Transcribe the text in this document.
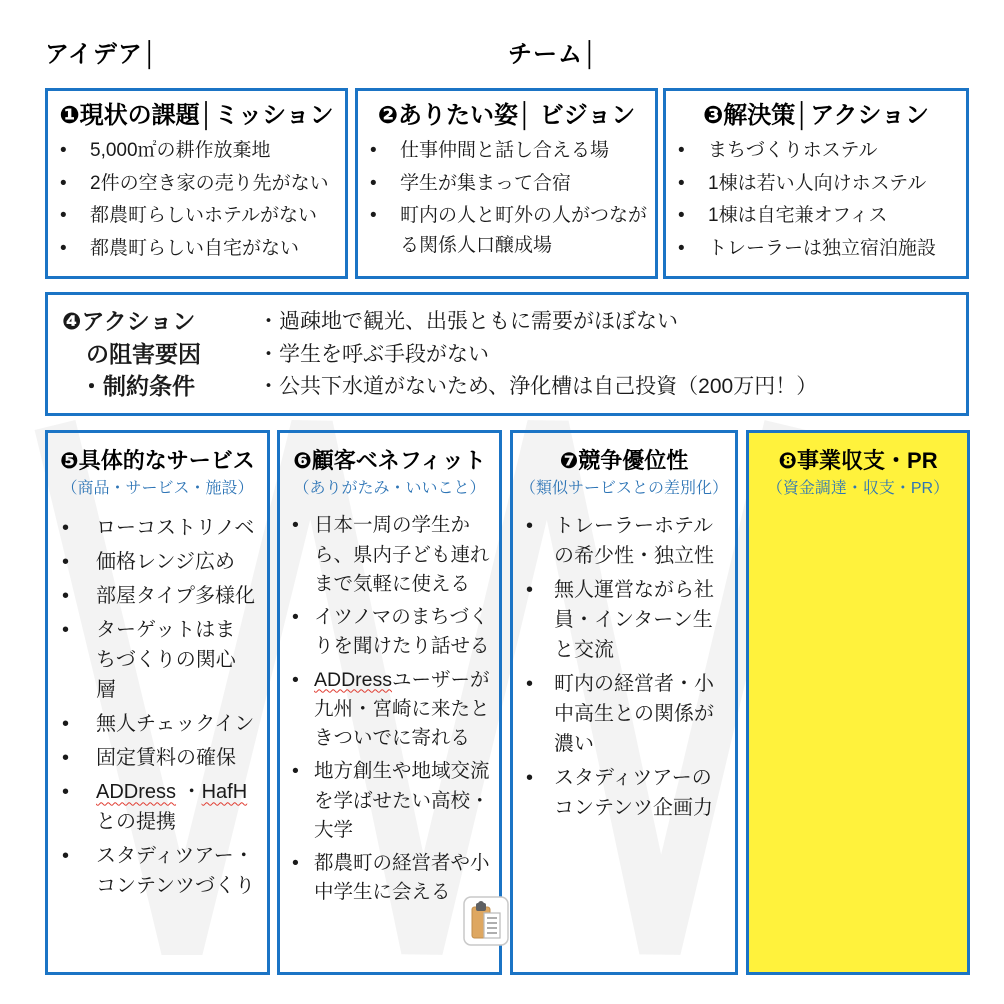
アイデア│	チーム│
❶現状の課題│ミッション
•	5,000㎡の耕作放棄地
•	2件の空き家の売り先がない
•	都農町らしいホテルがない
•	都農町らしい自宅がない
❷ありたい姿│ ビジョン
•	仕事仲間と話し合える場
•	学生が集まって合宿
•	町内の人と町外の人がつながる関係人口醸成場
❸解決策│アクション
•	まちづくりホステル
•	1棟は若い人向けホステル
•	1棟は自宅兼オフィス
•	トレーラーは独立宿泊施設
❹アクション
の阻害要因
・制約条件
・過疎地で観光、出張ともに需要がほぼない
・学生を呼ぶ手段がない
・公共下水道がないため、浄化槽は自己投資（200万円！）
❺具体的なサービス
（商品・サービス・施設）
•	ローコストリノベ
•	価格レンジ広め
•	部屋タイプ多様化
•	ターゲットはまちづくりの関心層
•	無人チェックイン
•	固定賃料の確保
•	ADDress ・HafH との提携
•	スタディツアー・コンテンツづくり
❻顧客ベネフィット
（ありがたみ・いいこと）
• 日本一周の学生から、県内子ども連れまで気軽に使える
• イツノマのまちづくりを聞けたり話せる
• ADDressユーザーが九州・宮崎に来たときついでに寄れる
• 地方創生や地域交流を学ばせたい高校・大学
• 都農町の経営者や小中学生に会える
❼競争優位性
（類似サービスとの差別化）
•	トレーラーホテルの希少性・独立性
•	無人運営ながら社員・インターン生と交流
•	町内の経営者・小中高生との関係が濃い
•	スタディツアーのコンテンツ企画力
❽事業収支・PR
（資金調達・収支・PR）
